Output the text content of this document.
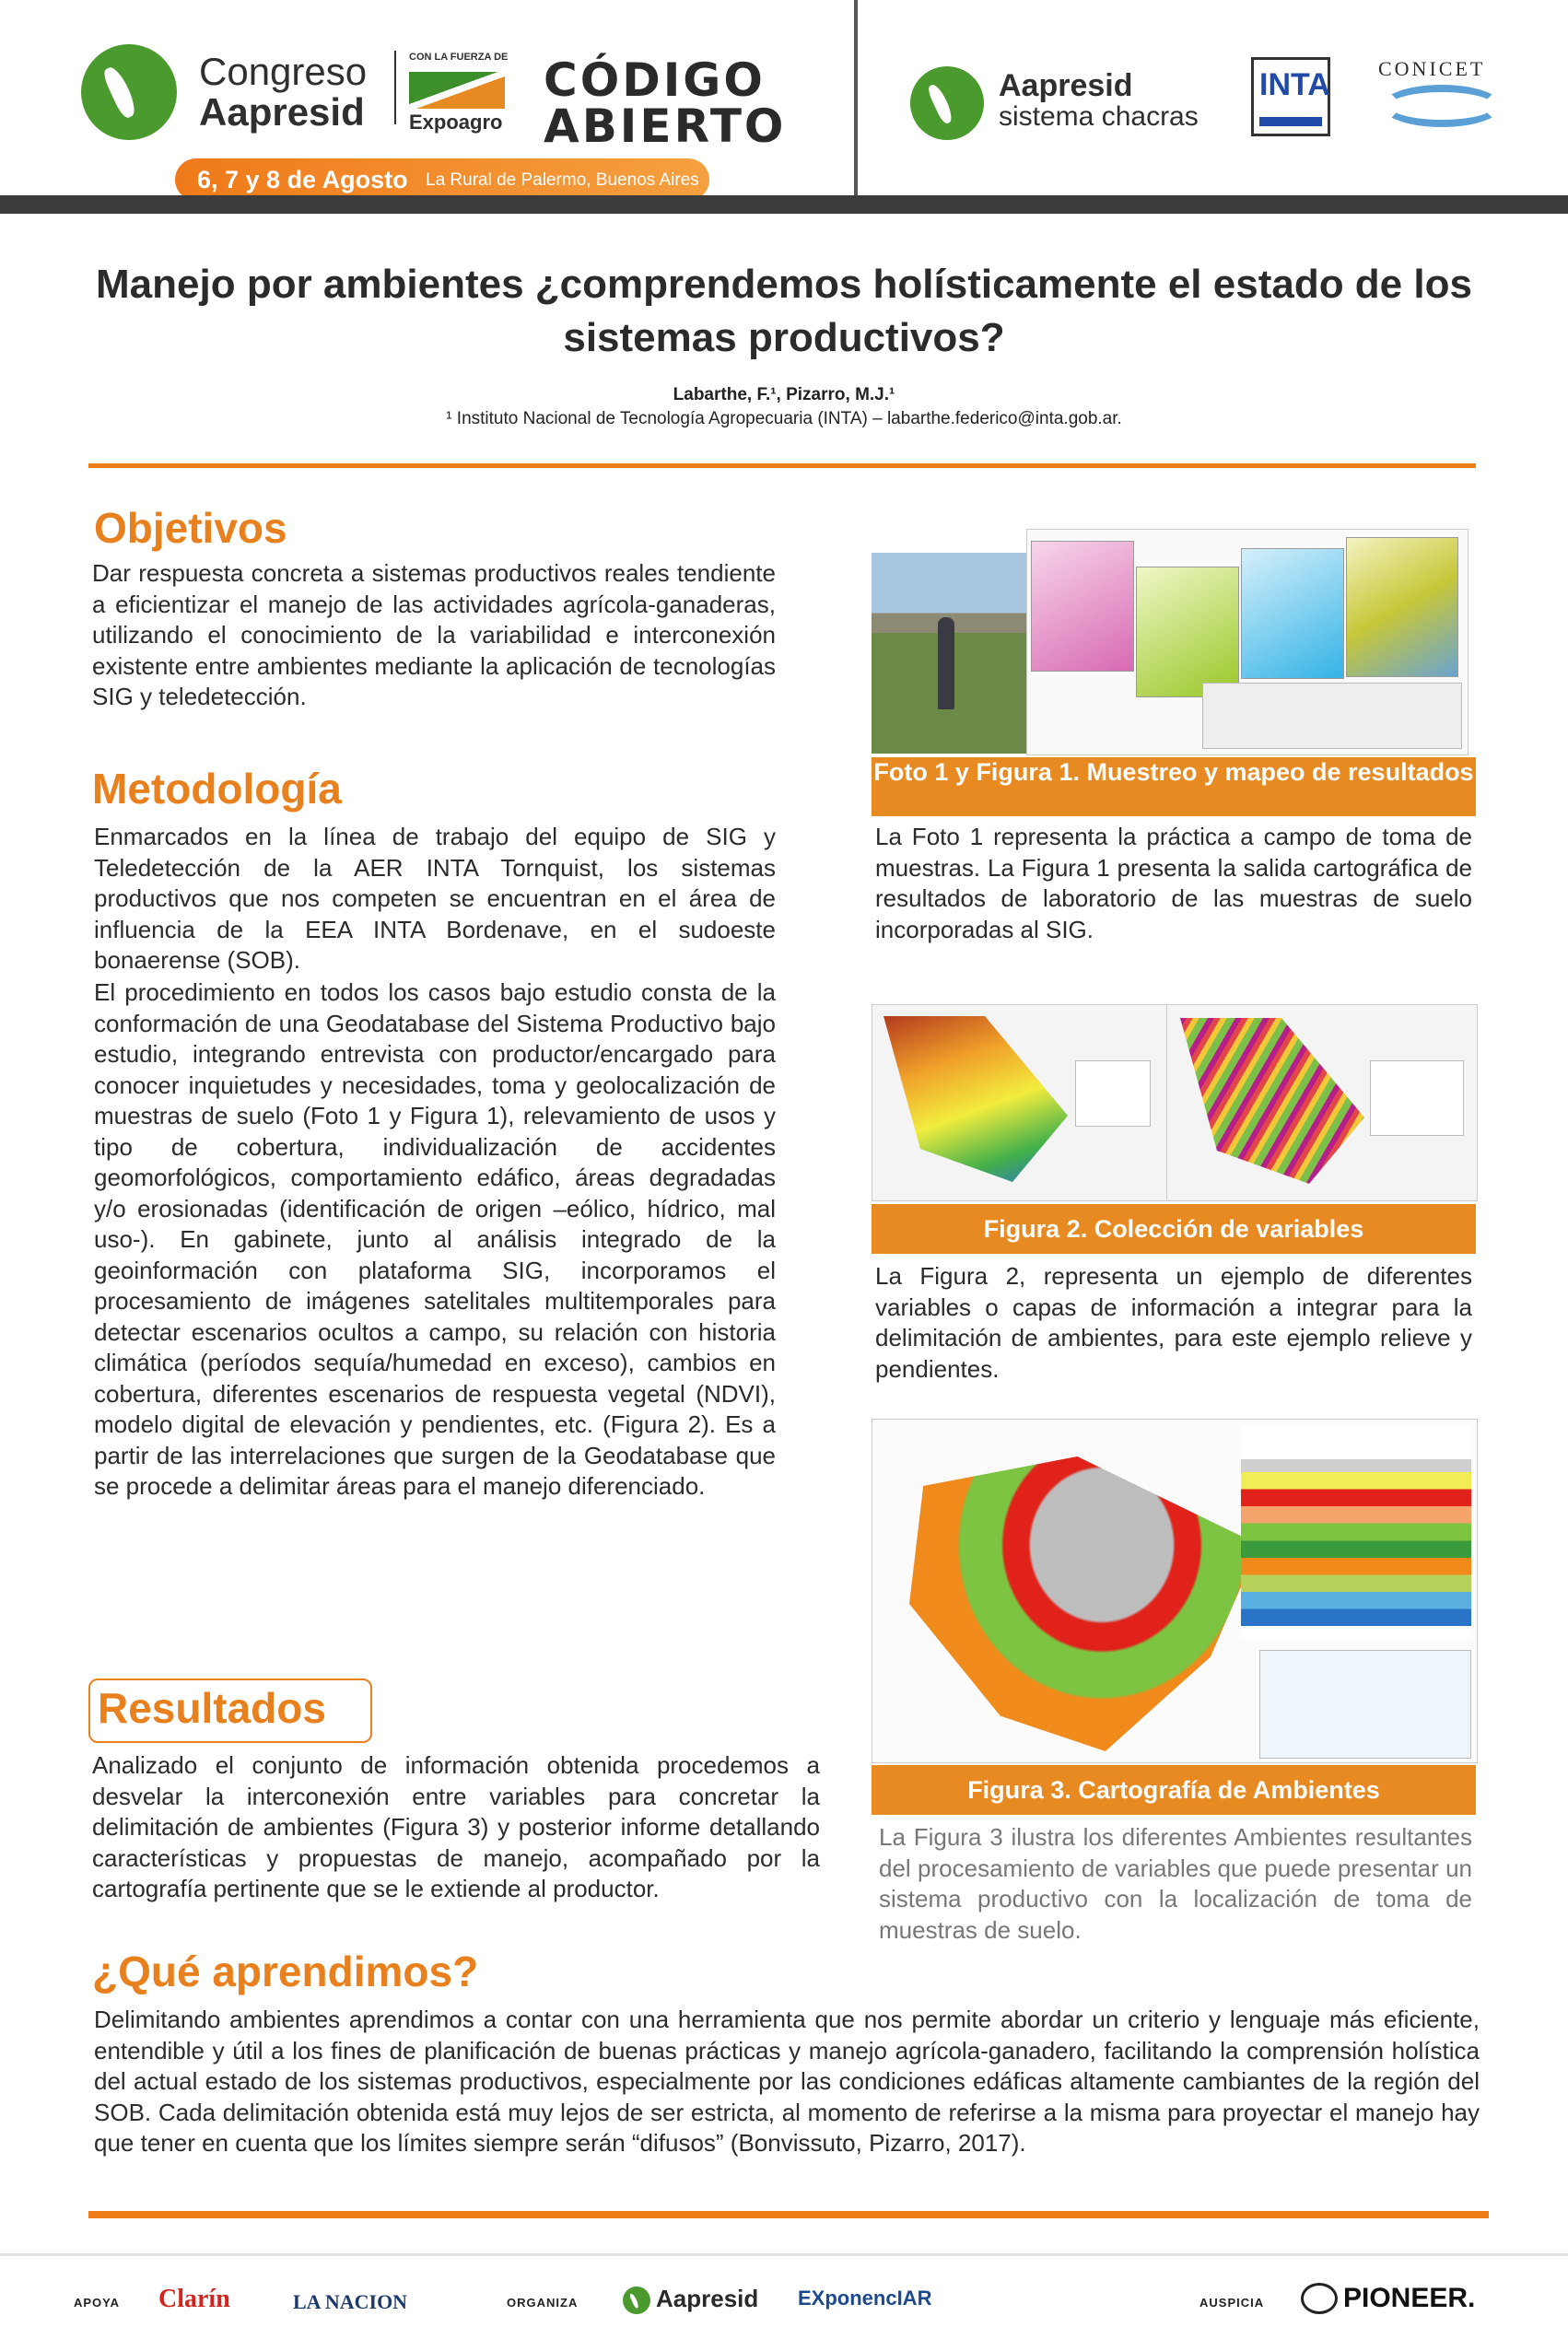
Congreso
Aapresid
CON LA FUERZA DE
Expoagro
CÓDIGO
ABIERTO
6, 7 y 8 de Agosto La Rural de Palermo, Buenos Aires
Aapresid
sistema chacras
INTA CONICET
Manejo por ambientes ¿comprendemos holísticamente el estado de los sistemas productivos?
Labarthe, F.¹, Pizarro, M.J.¹
¹ Instituto Nacional de Tecnología Agropecuaria (INTA) – labarthe.federico@inta.gob.ar.
Objetivos
Dar respuesta concreta a sistemas productivos reales tendiente a eficientizar el manejo de las actividades agrícola-ganaderas, utilizando el conocimiento de la variabilidad e interconexión existente entre ambientes mediante la aplicación de tecnologías SIG y teledetección.
Metodología
Enmarcados en la línea de trabajo del equipo de SIG y Teledetección de la AER INTA Tornquist, los sistemas productivos que nos competen se encuentran en el área de influencia de la EEA INTA Bordenave, en el sudoeste bonaerense (SOB).
El procedimiento en todos los casos bajo estudio consta de la conformación de una Geodatabase del Sistema Productivo bajo estudio, integrando entrevista con productor/encargado para conocer inquietudes y necesidades, toma y geolocalización de muestras de suelo (Foto 1 y Figura 1), relevamiento de usos y tipo de cobertura, individualización de accidentes geomorfológicos, comportamiento edáfico, áreas degradadas y/o erosionadas (identificación de origen –eólico, hídrico, mal uso-). En gabinete, junto al análisis integrado de la geoinformación con plataforma SIG, incorporamos el procesamiento de imágenes satelitales multitemporales para detectar escenarios ocultos a campo, su relación con historia climática (períodos sequía/humedad en exceso), cambios en cobertura, diferentes escenarios de respuesta vegetal (NDVI), modelo digital de elevación y pendientes, etc. (Figura 2). Es a partir de las interrelaciones que surgen de la Geodatabase que se procede a delimitar áreas para el manejo diferenciado.
Resultados
Analizado el conjunto de información obtenida procedemos a desvelar la interconexión entre variables para concretar la delimitación de ambientes (Figura 3) y posterior informe detallando características y propuestas de manejo, acompañado por la cartografía pertinente que se le extiende al productor.
¿Qué aprendimos?
Delimitando ambientes aprendimos a contar con una herramienta que nos permite abordar un criterio y lenguaje más eficiente, entendible y útil a los fines de planificación de buenas prácticas y manejo agrícola-ganadero, facilitando la comprensión holística del actual estado de los sistemas productivos, especialmente por las condiciones edáficas altamente cambiantes de la región del SOB. Cada delimitación obtenida está muy lejos de ser estricta, al momento de referirse a la misma para proyectar el manejo hay que tener en cuenta que los límites siempre serán “difusos” (Bonvissuto, Pizarro, 2017).
Foto 1 y Figura 1. Muestreo y mapeo de resultados
La Foto 1 representa la práctica a campo de toma de muestras. La Figura 1 presenta la salida cartográfica de resultados de laboratorio de las muestras de suelo incorporadas al SIG.
Figura 2. Colección de variables
La Figura 2, representa un ejemplo de diferentes variables o capas de información a integrar para la delimitación de ambientes, para este ejemplo relieve y pendientes.
Figura 3. Cartografía de Ambientes
La Figura 3 ilustra los diferentes Ambientes resultantes del procesamiento de variables que puede presentar un sistema productivo con la localización de toma de muestras de suelo.
APOYA Clarín	LA NACION	ORGANIZA	Aapresid EXponencIAR	AUSPICIA	PIONEER.
